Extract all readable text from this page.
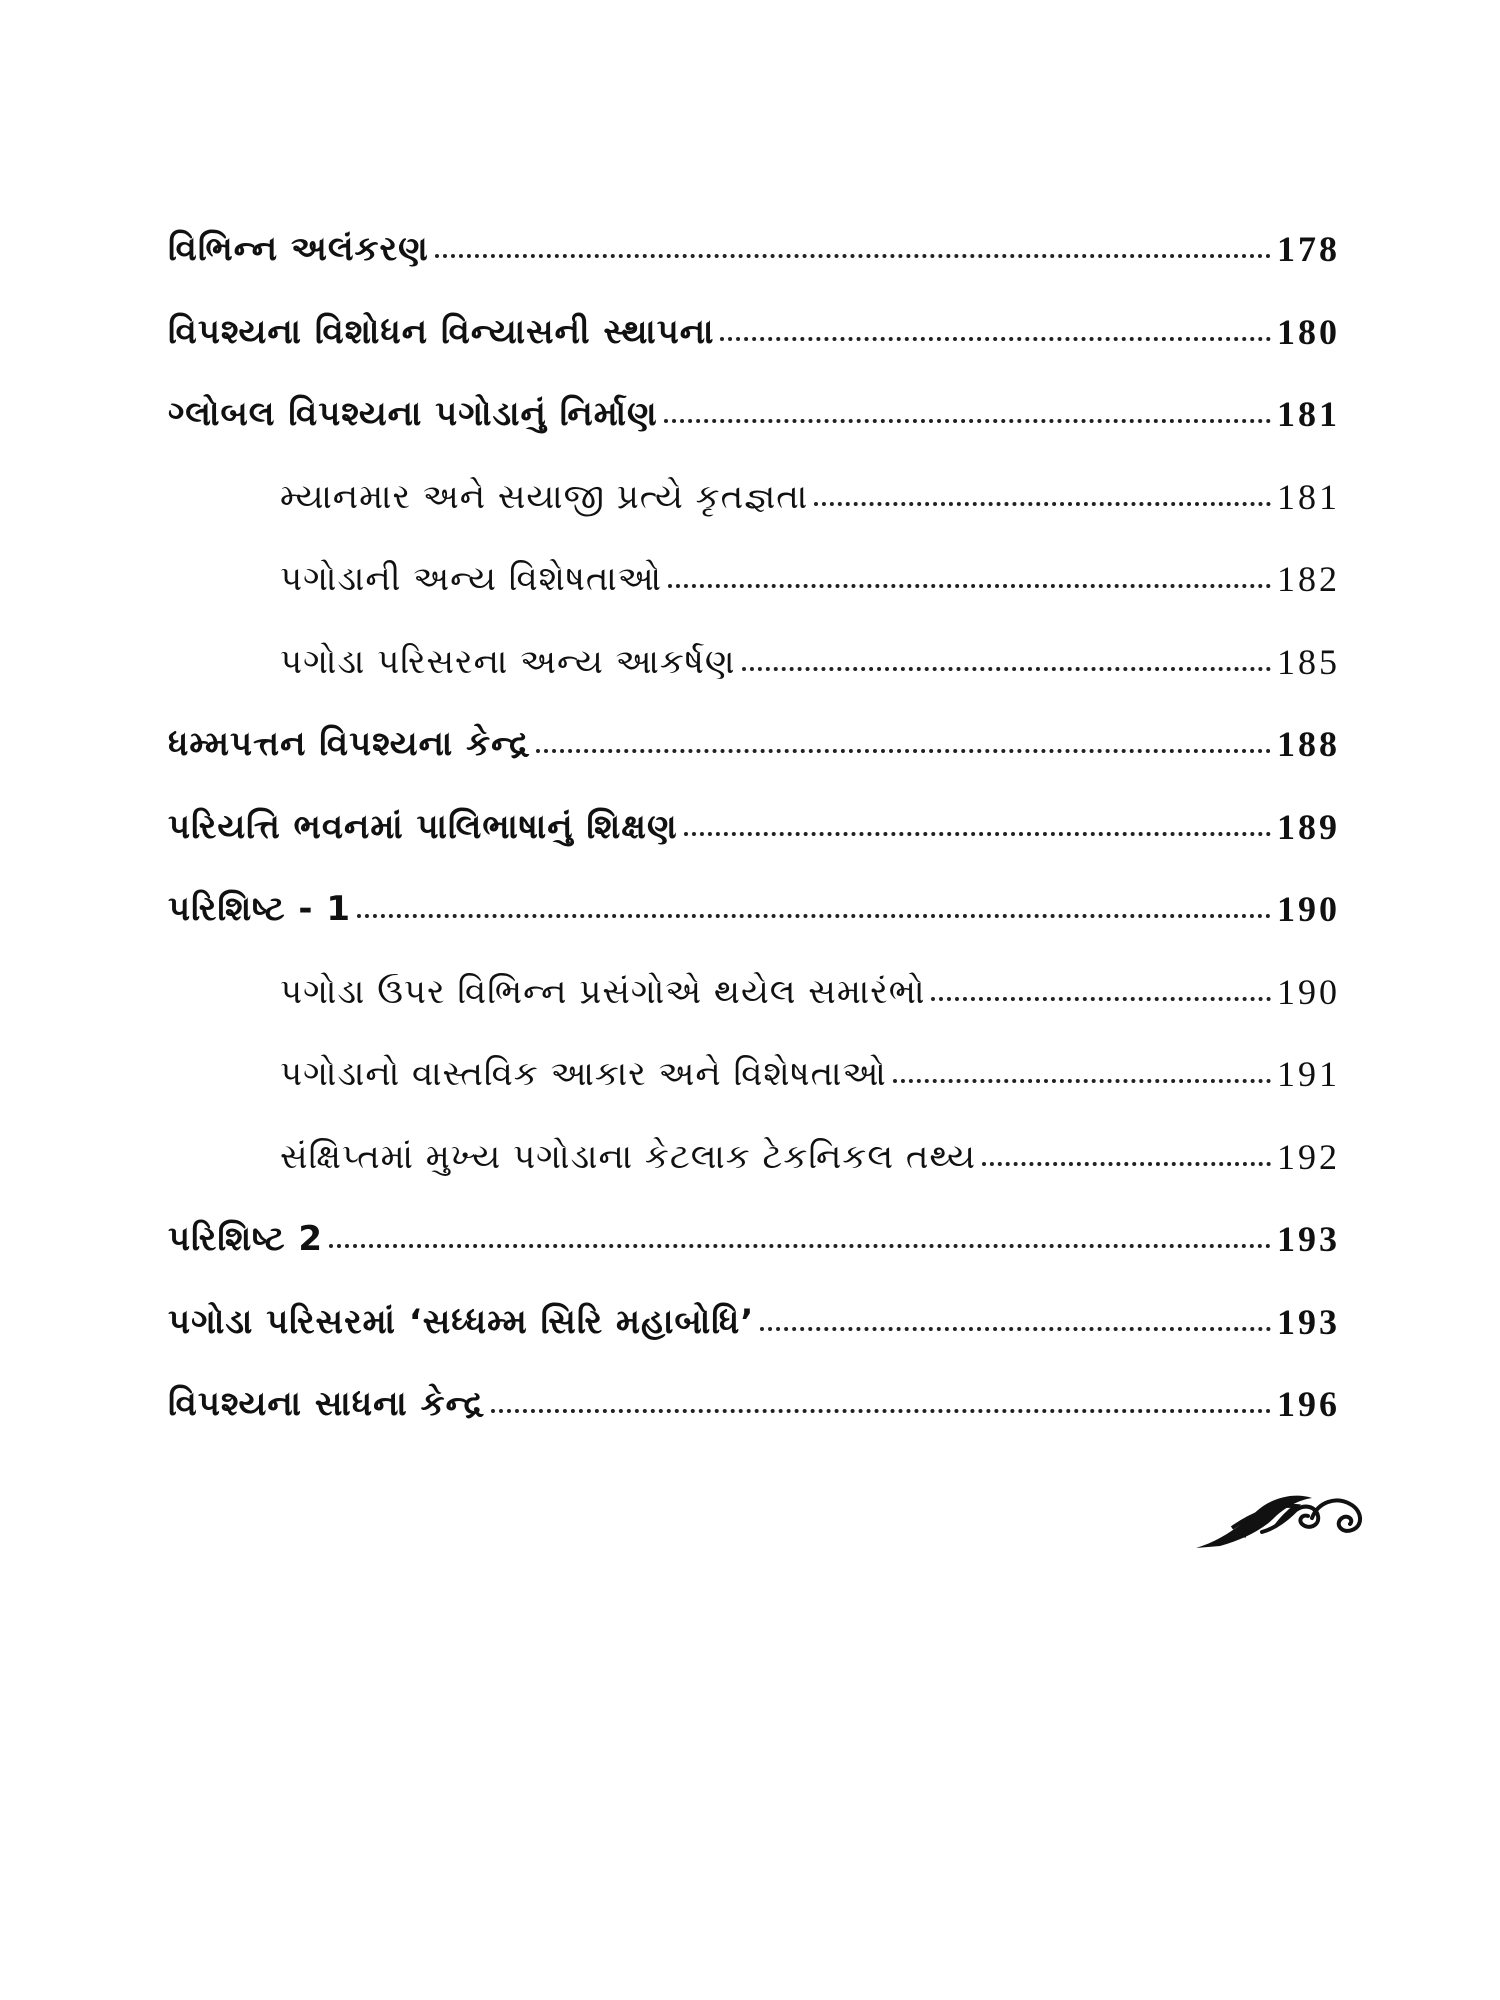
વિભિન્ન અલંકરણ	178
વિપશ્યના વિશોધન વિન્યાસની સ્થાપના	180
ગ્લોબલ વિપશ્યના પગોડાનું નિર્માણ	181
મ્યાનમાર અને સયાજી પ્રત્યે કૃતજ્ઞતા	181
પગોડાની અન્ય વિશેષતાઓ	182
પગોડા પરિસરના અન્ય આકર્ષણ	185
ધમ્મપત્તન વિપશ્યના કેન્દ્ર	188
પરિયત્તિ ભવનમાં પાલિભાષાનું શિક્ષણ	189
પરિશિષ્ટ - 1	190
પગોડા ઉપર વિભિન્ન પ્રસંગોએ થયેલ સમારંભો	190
પગોડાનો વાસ્તવિક આકાર અને વિશેષતાઓ	191
સંક્ષિપ્તમાં મુખ્ય પગોડાના કેટલાક ટેકનિકલ તથ્ય	192
પરિશિષ્ટ 2	193
પગોડા પરિસરમાં ‘સધ્ધમ્મ સિરિ મહાબોધિ’	193
વિપશ્યના સાધના કેન્દ્ર	196
